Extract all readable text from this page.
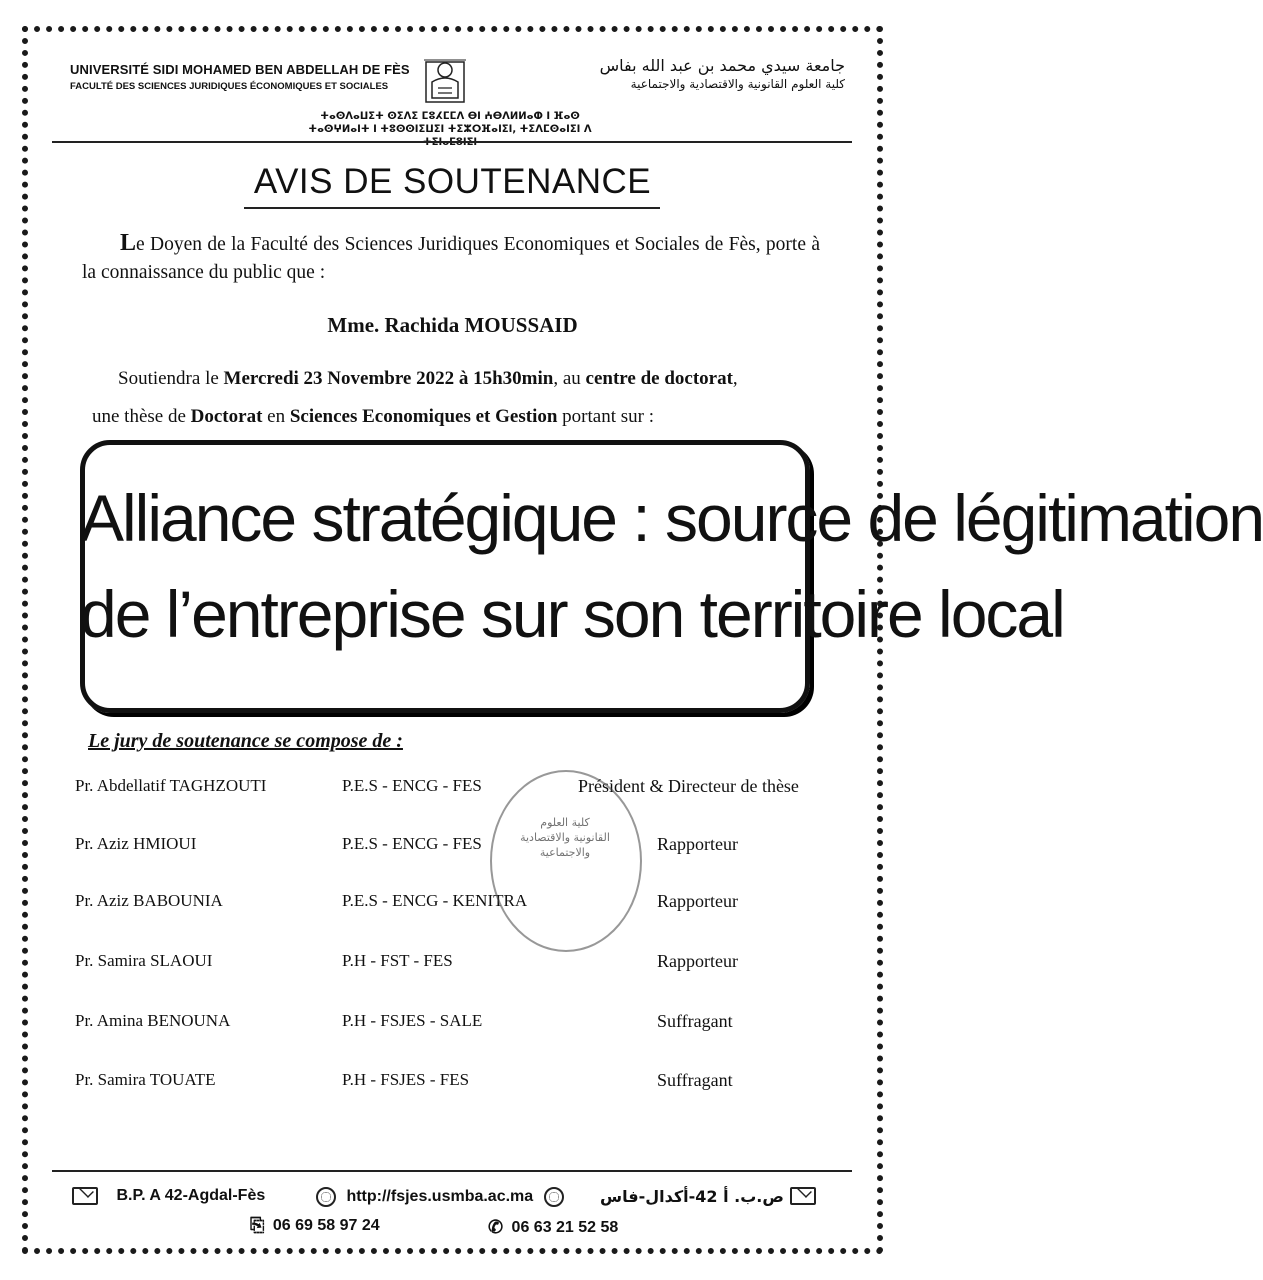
UNIVERSITÉ SIDI MOHAMED BEN ABDELLAH DE FÈS
FACULTÉ DES SCIENCES JURIDIQUES ÉCONOMIQUES ET SOCIALES
جامعة سيدي محمد بن عبد الله بفاس
كلية العلوم القانونية والاقتصادية والاجتماعية
ⵜⴰⵙⴷⴰⵡⵉⵜ ⵙⵉⴷⵉ ⵎⵓⵃⵎⵎⴷ ⴱⵏ ⵄⴱⴷⵍⵍⴰⵀ ⵏ ⴼⴰⵙ
ⵜⴰⵙⵖⵍⴰⵏⵜ ⵏ ⵜⵓⵙⵙⵏⵉⵡⵉⵏ ⵜⵉⵣⵔⴼⴰⵏⵉⵏ, ⵜⵉⴷⵎⵙⴰⵏⵉⵏ ⴷ ⵜⵉⵏⴰⵎⵓⵏⵉⵏ
AVIS DE SOUTENANCE
Le Doyen de la Faculté des Sciences Juridiques Economiques et Sociales de Fès, porte à la connaissance du public que :
Mme. Rachida MOUSSAID
Soutiendra le Mercredi 23 Novembre 2022 à 15h30min, au centre de doctorat,
une thèse de Doctorat en Sciences Economiques et Gestion portant sur :
Alliance stratégique : source de légitimation
de l’entreprise sur son territoire local
Le jury de soutenance se compose de :
Pr. Abdellatif TAGHZOUTI	P.E.S - ENCG - FES	Président & Directeur de thèse
Pr. Aziz HMIOUI	P.E.S - ENCG - FES	Rapporteur
Pr. Aziz BABOUNIA	P.E.S - ENCG - KENITRA	Rapporteur
Pr. Samira SLAOUI	P.H - FST - FES	Rapporteur
Pr. Amina BENOUNA	P.H - FSJES - SALE	Suffragant
Pr. Samira TOUATE	P.H - FSJES - FES	Suffragant
كلية العلوم
القانونية والاقتصادية
والاجتماعية
B.P. A 42-Agdal-Fès	http://fsjes.usmba.ac.ma	ص.ب. أ 42-أكدال-فاس
⎘ 06 69 58 97 24	✆ 06 63 21 52 58
